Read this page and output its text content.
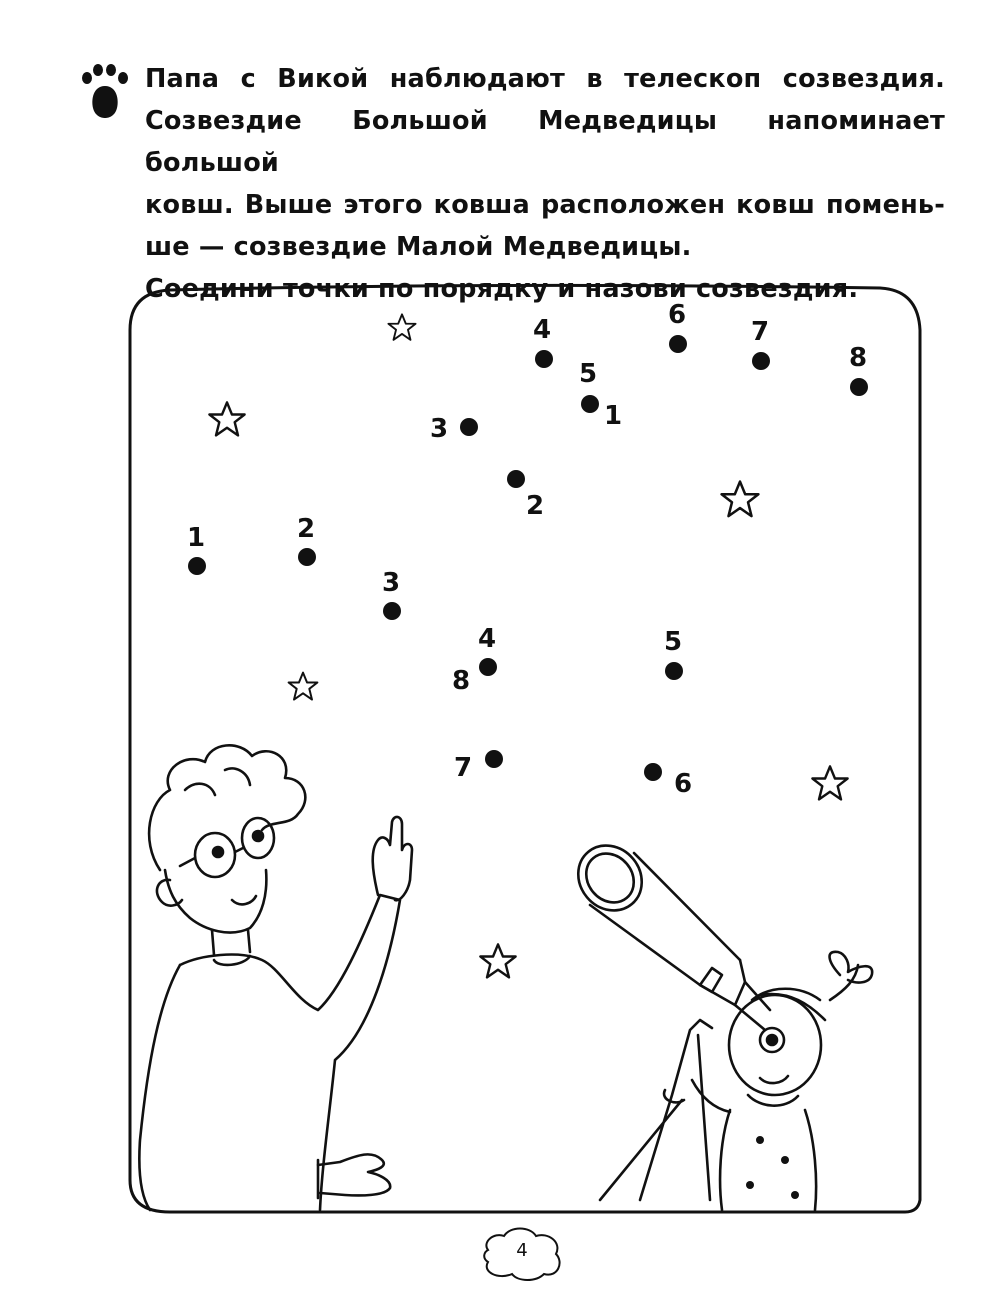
Папа с Викой наблюдают в телескоп созвездия.

Созвездие Большой Медведицы напоминает большой

ковш. Выше этого ковша расположен ковш помень-

ше — созвездие Малой Медведицы.

Соедини точки по порядку и назови созвездия.

1
2
3
4
5
6
7
8
1	2
3
4	5
6
7
8
4
